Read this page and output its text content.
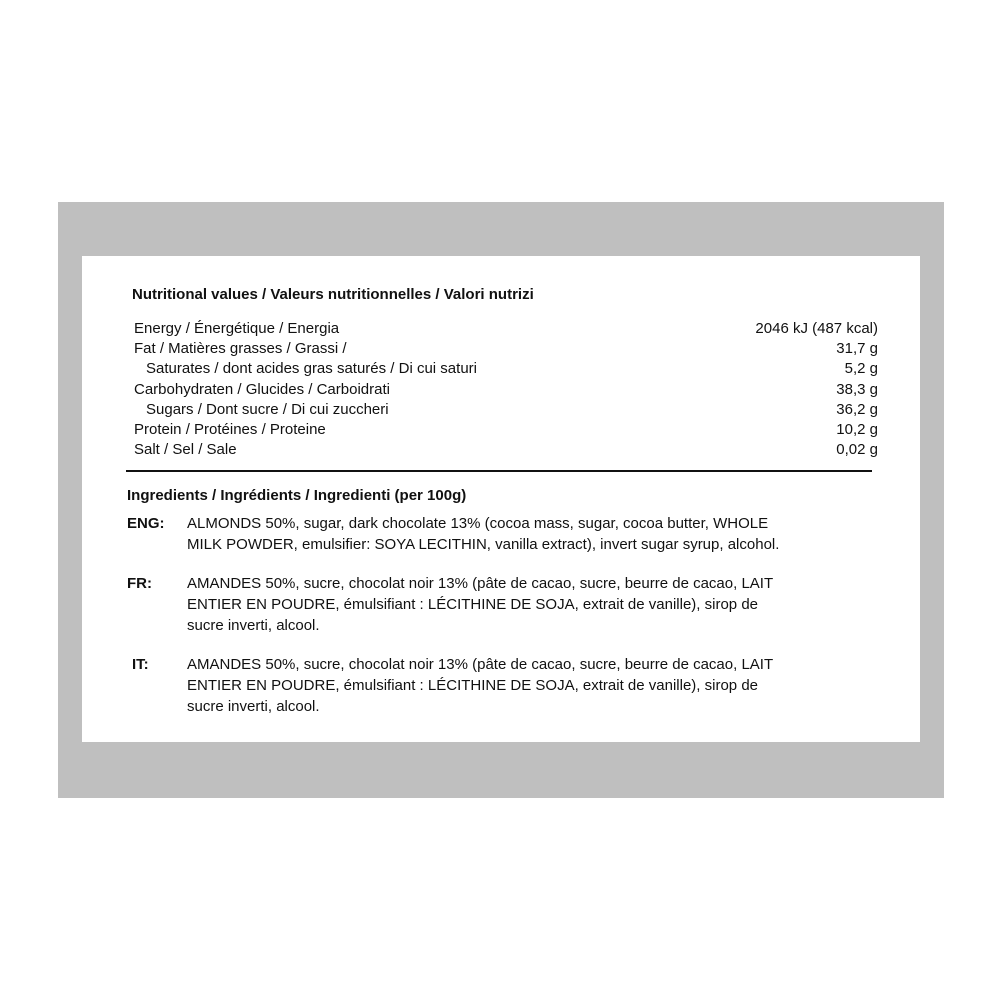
Nutritional values / Valeurs nutritionnelles / Valori nutrizi
Energy / Énergétique / Energia	2046 kJ (487 kcal)
Fat / Matières grasses / Grassi /	31,7 g
Saturates / dont acides gras saturés / Di cui saturi	5,2 g
Carbohydraten / Glucides / Carboidrati	38,3 g
Sugars / Dont sucre / Di cui zuccheri	36,2 g
Protein / Protéines / Proteine	10,2 g
Salt / Sel / Sale	0,02 g
Ingredients / Ingrédients / Ingredienti (per 100g)
ENG: ALMONDS 50%, sugar, dark chocolate 13% (cocoa mass, sugar, cocoa butter, WHOLE
MILK POWDER, emulsifier: SOYA LECITHIN, vanilla extract), invert sugar syrup, alcohol.
FR: AMANDES 50%, sucre, chocolat noir 13% (pâte de cacao, sucre, beurre de cacao, LAIT
ENTIER EN POUDRE, émulsifiant : LÉCITHINE DE SOJA, extrait de vanille), sirop de
sucre inverti, alcool.
IT:	AMANDES 50%, sucre, chocolat noir 13% (pâte de cacao, sucre, beurre de cacao, LAIT
ENTIER EN POUDRE, émulsifiant : LÉCITHINE DE SOJA, extrait de vanille), sirop de
sucre inverti, alcool.
